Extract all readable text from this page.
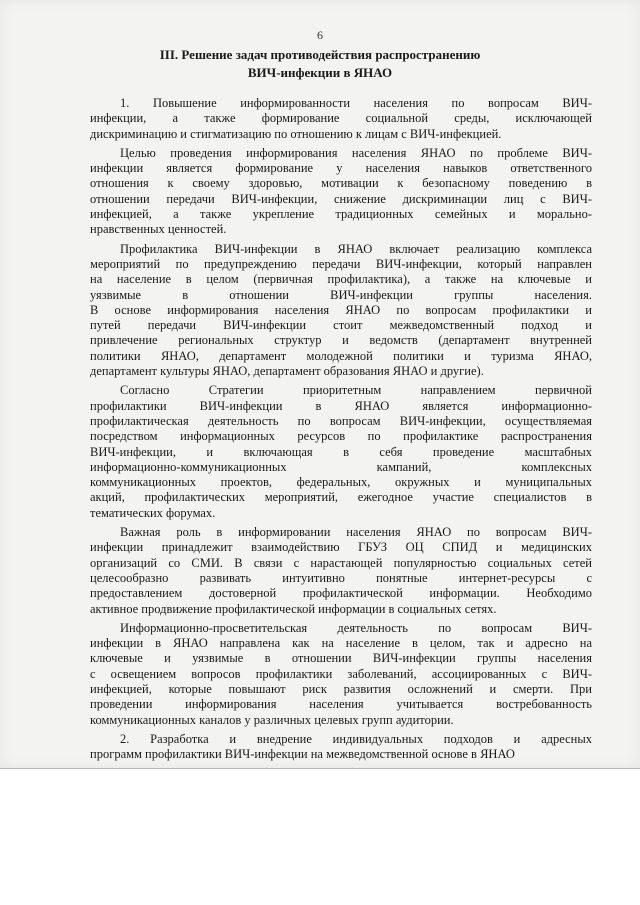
6
III. Решение задач противодействия распространению
ВИЧ-инфекции в ЯНАО
1. Повышение информированности населения по вопросам ВИЧ-
инфекции, а также формирование социальной среды, исключающей
дискриминацию и стигматизацию по отношению к лицам с ВИЧ-инфекцией.
Целью проведения информирования населения ЯНАО по проблеме ВИЧ-
инфекции является формирование у населения навыков ответственного
отношения к своему здоровью, мотивации к безопасному поведению в
отношении передачи ВИЧ-инфекции, снижение дискриминации лиц с ВИЧ-
инфекцией, а также укрепление традиционных семейных и морально-
нравственных ценностей.
Профилактика ВИЧ-инфекции в ЯНАО включает реализацию комплекса
мероприятий по предупреждению передачи ВИЧ-инфекции, который направлен
на население в целом (первичная профилактика), а также на ключевые и
уязвимые в отношении ВИЧ-инфекции группы населения.
В основе информирования населения ЯНАО по вопросам профилактики и
путей передачи ВИЧ-инфекции стоит межведомственный подход и
привлечение региональных структур и ведомств (департамент внутренней
политики ЯНАО, департамент молодежной политики и туризма ЯНАО,
департамент культуры ЯНАО, департамент образования ЯНАО и другие).
Согласно Стратегии приоритетным направлением первичной
профилактики ВИЧ-инфекции в ЯНАО является информационно-
профилактическая деятельность по вопросам ВИЧ-инфекции, осуществляемая
посредством информационных ресурсов по профилактике распространения
ВИЧ-инфекции, и включающая в себя проведение масштабных
информационно-коммуникационных кампаний, комплексных
коммуникационных проектов, федеральных, окружных и муниципальных
акций, профилактических мероприятий, ежегодное участие специалистов в
тематических форумах.
Важная роль в информировании населения ЯНАО по вопросам ВИЧ-
инфекции принадлежит взаимодействию ГБУЗ ОЦ СПИД и медицинских
организаций со СМИ. В связи с нарастающей популярностью социальных сетей
целесообразно развивать интуитивно понятные интернет-ресурсы с
предоставлением достоверной профилактической информации. Необходимо
активное продвижение профилактической информации в социальных сетях.
Информационно-просветительская деятельность по вопросам ВИЧ-
инфекции в ЯНАО направлена как на население в целом, так и адресно на
ключевые и уязвимые в отношении ВИЧ-инфекции группы населения
с освещением вопросов профилактики заболеваний, ассоциированных с ВИЧ-
инфекцией, которые повышают риск развития осложнений и смерти. При
проведении информирования населения учитывается востребованность
коммуникационных каналов у различных целевых групп аудитории.
2. Разработка и внедрение индивидуальных подходов и адресных
программ профилактики ВИЧ-инфекции на межведомственной основе в ЯНАО
